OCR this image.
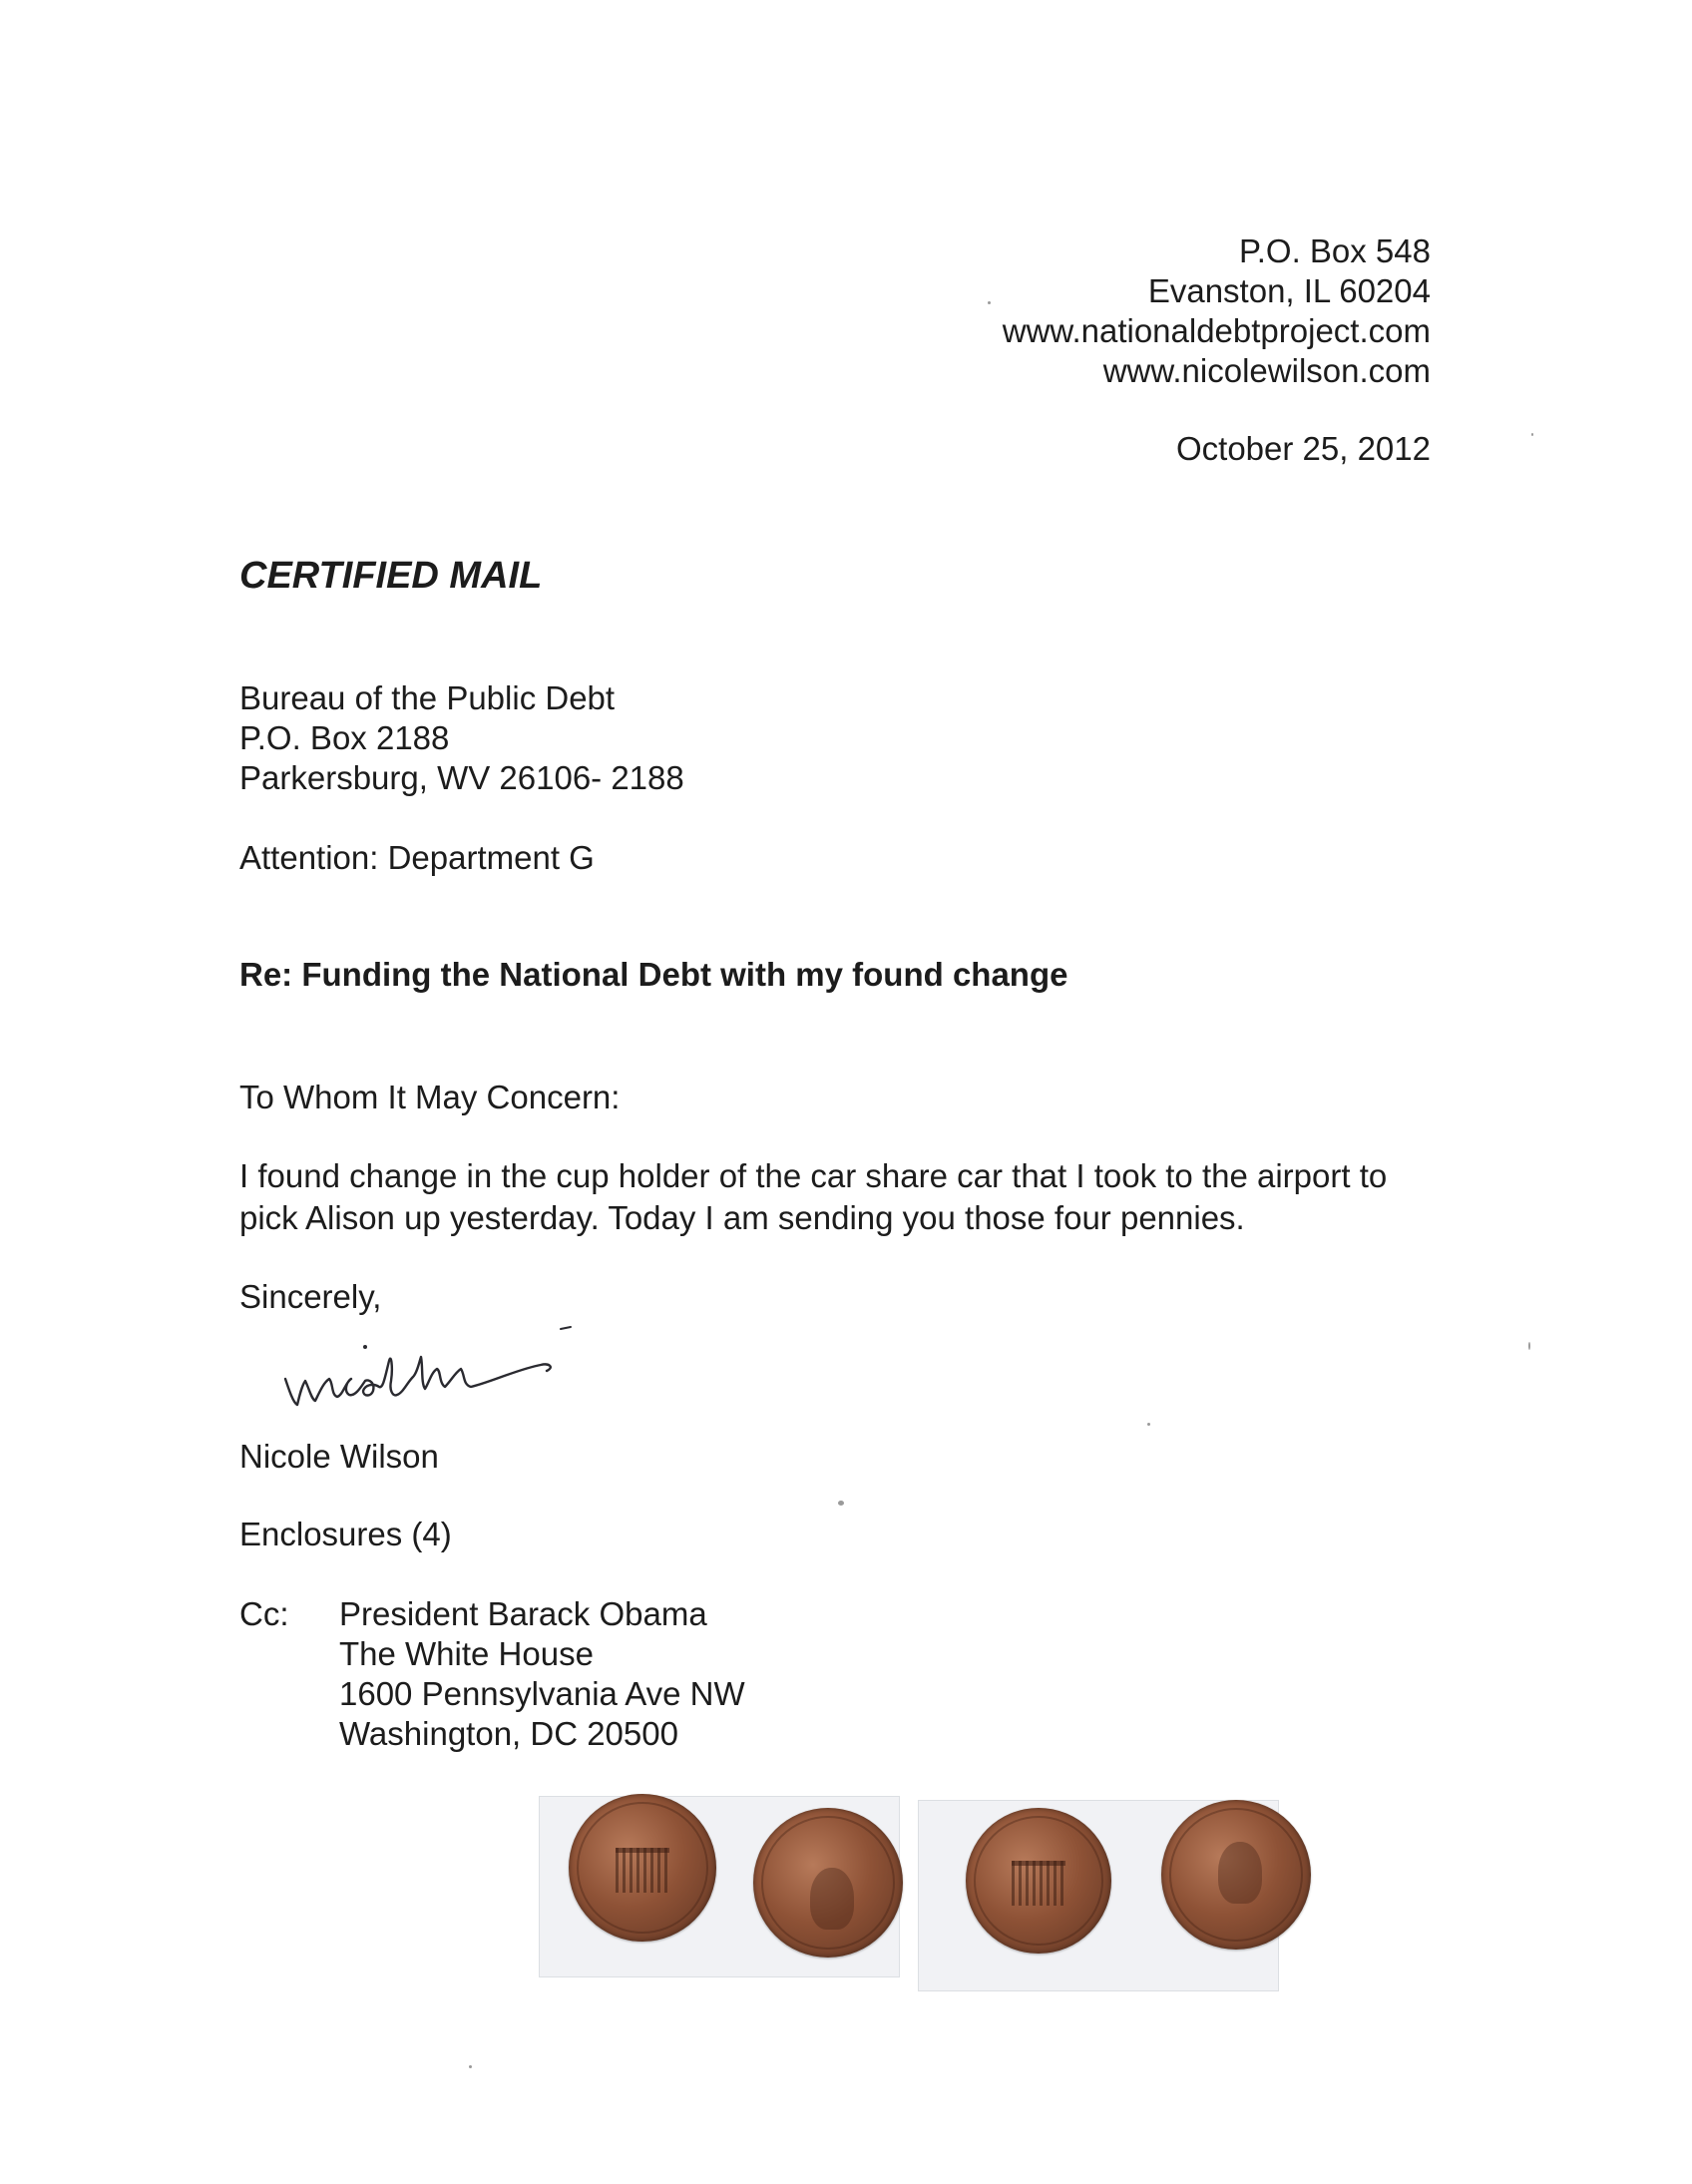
P.O. Box 548
Evanston, IL 60204
www.nationaldebtproject.com
www.nicolewilson.com
October 25, 2012
CERTIFIED MAIL
Bureau of the Public Debt
P.O. Box 2188
Parkersburg, WV 26106- 2188
Attention: Department G
Re: Funding the National Debt with my found change
To Whom It May Concern:
I found change in the cup holder of the car share car that I took to the airport to
pick Alison up yesterday. Today I am sending you those four pennies.
Sincerely,
Nicole Wilson
Enclosures (4)
Cc: President Barack Obama
The White House
1600 Pennsylvania Ave NW
Washington, DC 20500
